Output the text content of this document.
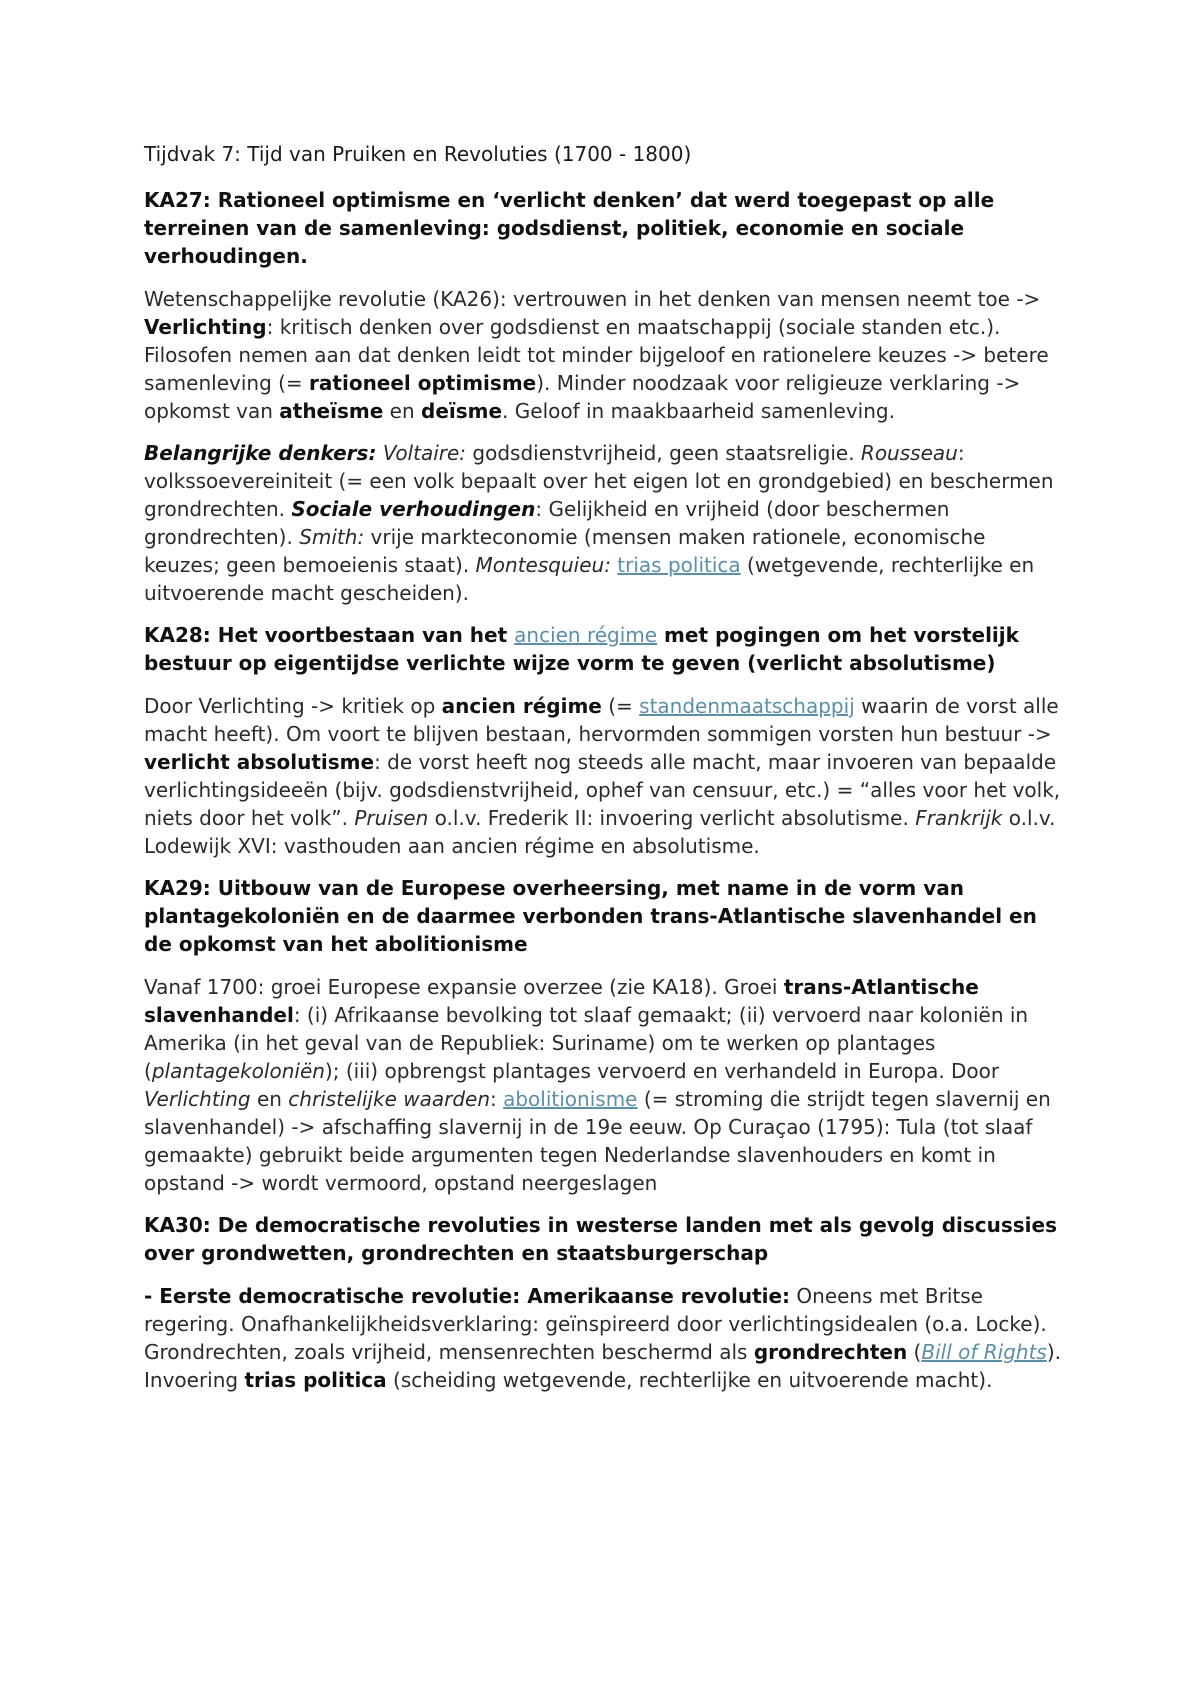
Tijdvak 7: Tijd van Pruiken en Revoluties (1700 - 1800)
KA27: Rationeel optimisme en ‘verlicht denken’ dat werd toegepast op alle terreinen van de samenleving: godsdienst, politiek, economie en sociale verhoudingen.

Wetenschappelijke revolutie (KA26): vertrouwen in het denken van mensen neemt toe -> Verlichting: kritisch denken over godsdienst en maatschappij (sociale standen etc.). Filosofen nemen aan dat denken leidt tot minder bijgeloof en rationelere keuzes -> betere samenleving (= rationeel optimisme). Minder noodzaak voor religieuze verklaring -> opkomst van atheïsme en deïsme. Geloof in maakbaarheid samenleving.

Belangrijke denkers: Voltaire: godsdienstvrijheid, geen staatsreligie. Rousseau: volkssoevereiniteit (= een volk bepaalt over het eigen lot en grondgebied) en beschermen grondrechten. Sociale verhoudingen: Gelijkheid en vrijheid (door beschermen grondrechten). Smith: vrije markteconomie (mensen maken rationele, economische keuzes; geen bemoeienis staat). Montesquieu: trias politica (wetgevende, rechterlijke en uitvoerende macht gescheiden).

KA28: Het voortbestaan van het ancien régime met pogingen om het vorstelijk bestuur op eigentijdse verlichte wijze vorm te geven (verlicht absolutisme)

Door Verlichting -> kritiek op ancien régime (= standenmaatschappij waarin de vorst alle macht heeft). Om voort te blijven bestaan, hervormden sommigen vorsten hun bestuur -> verlicht absolutisme: de vorst heeft nog steeds alle macht, maar invoeren van bepaalde verlichtingsideeën (bijv. godsdienstvrijheid, ophef van censuur, etc.) = “alles voor het volk, niets door het volk”. Pruisen o.l.v. Frederik II: invoering verlicht absolutisme. Frankrijk o.l.v. Lodewijk XVI: vasthouden aan ancien régime en absolutisme.

KA29: Uitbouw van de Europese overheersing, met name in de vorm van plantagekoloniën en de daarmee verbonden trans-Atlantische slavenhandel en de opkomst van het abolitionisme

Vanaf 1700: groei Europese expansie overzee (zie KA18). Groei trans-Atlantische slavenhandel: (i) Afrikaanse bevolking tot slaaf gemaakt; (ii) vervoerd naar koloniën in Amerika (in het geval van de Republiek: Suriname) om te werken op plantages (plantagekoloniën); (iii) opbrengst plantages vervoerd en verhandeld in Europa. Door Verlichting en christelijke waarden: abolitionisme (= stroming die strijdt tegen slavernij en slavenhandel) -> afschaffing slavernij in de 19e eeuw. Op Curaçao (1795): Tula (tot slaaf gemaakte) gebruikt beide argumenten tegen Nederlandse slavenhouders en komt in opstand -> wordt vermoord, opstand neergeslagen

KA30: De democratische revoluties in westerse landen met als gevolg discussies over grondwetten, grondrechten en staatsburgerschap

- Eerste democratische revolutie: Amerikaanse revolutie: Oneens met Britse regering. Onafhankelijkheidsverklaring: geïnspireerd door verlichtingsidealen (o.a. Locke). Grondrechten, zoals vrijheid, mensenrechten beschermd als grondrechten (Bill of Rights). Invoering trias politica (scheiding wetgevende, rechterlijke en uitvoerende macht).
